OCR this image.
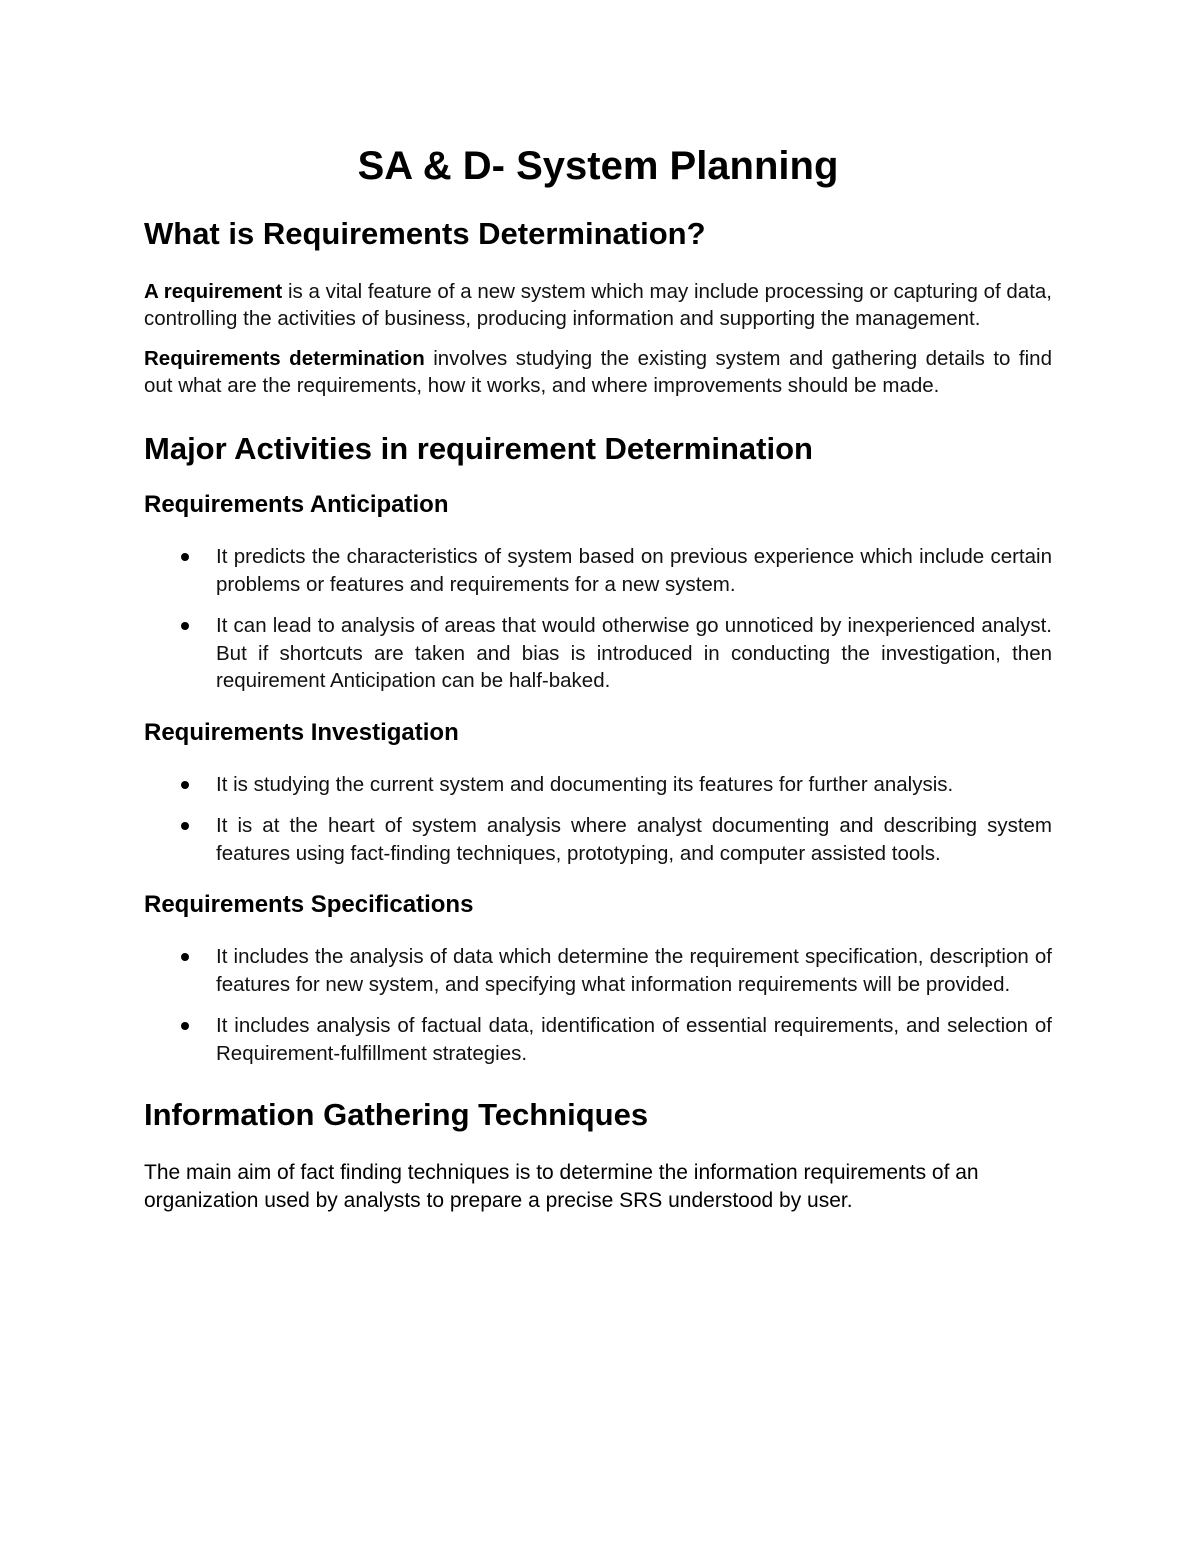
SA & D- System Planning
What is Requirements Determination?

A requirement is a vital feature of a new system which may include processing or capturing of data, controlling the activities of business, producing information and supporting the management.

Requirements determination involves studying the existing system and gathering details to find out what are the requirements, how it works, and where improvements should be made.

Major Activities in requirement Determination
Requirements Anticipation
It predicts the characteristics of system based on previous experience which include certain problems or features and requirements for a new system.
It can lead to analysis of areas that would otherwise go unnoticed by inexperienced analyst. But if shortcuts are taken and bias is introduced in conducting the investigation, then requirement Anticipation can be half-baked.
Requirements Investigation
It is studying the current system and documenting its features for further analysis.
It is at the heart of system analysis where analyst documenting and describing system features using fact-finding techniques, prototyping, and computer assisted tools.
Requirements Specifications
It includes the analysis of data which determine the requirement specification, description of features for new system, and specifying what information requirements will be provided.
It includes analysis of factual data, identification of essential requirements, and selection of Requirement-fulfillment strategies.
Information Gathering Techniques

The main aim of fact finding techniques is to determine the information requirements of an organization used by analysts to prepare a precise SRS understood by user.
